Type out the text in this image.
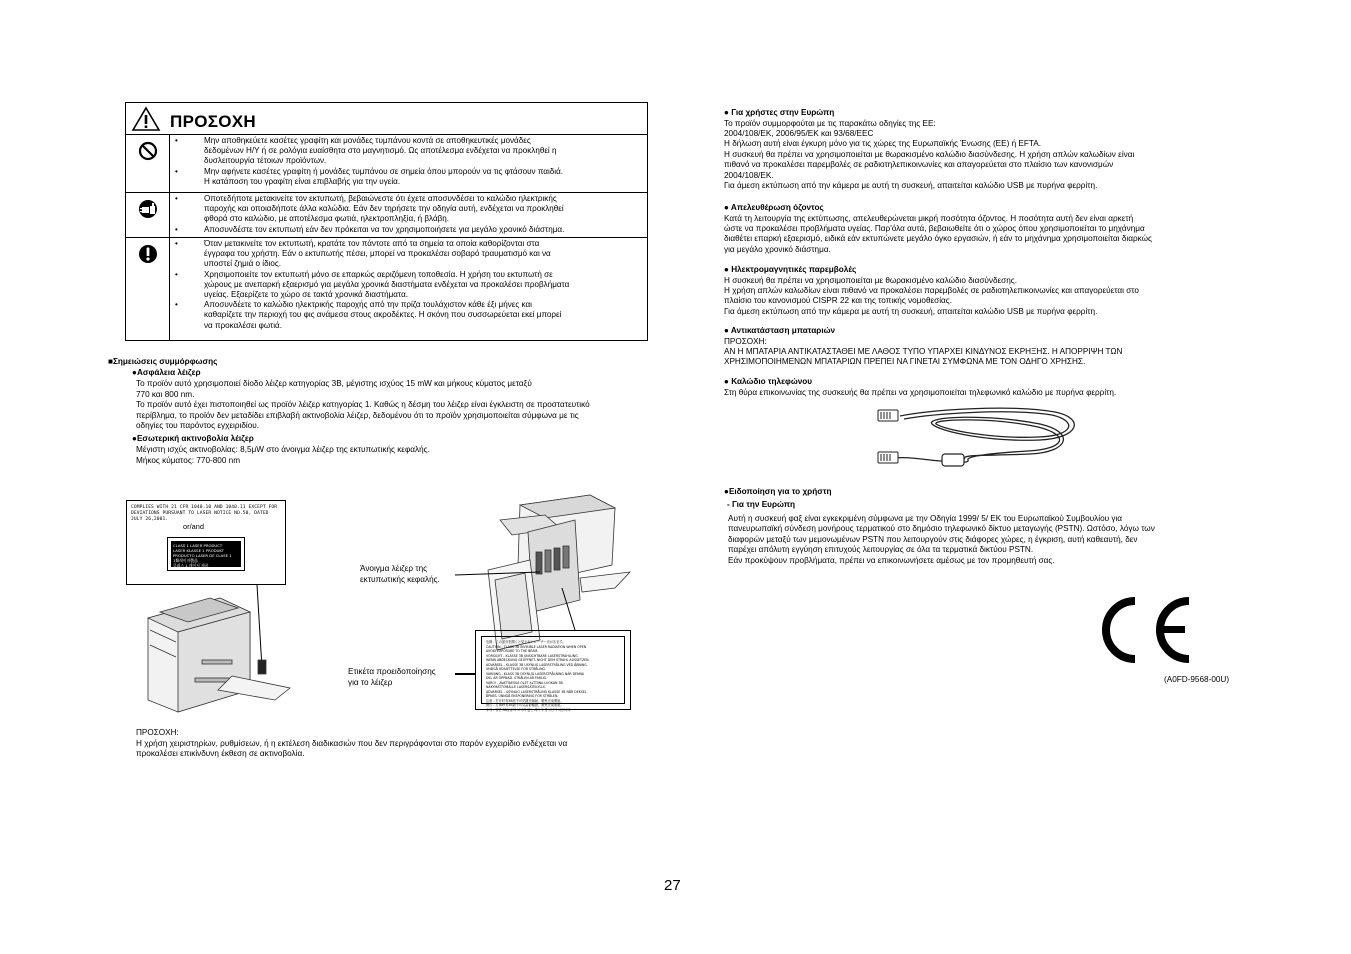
ΠΡΟΣΟΧΗ
• Μην αποθηκεύετε κασέτες γραφίτη και μονάδες τυμπάνου κοντά σε αποθηκευτικές μονάδες
δεδομένων Η/Υ ή σε ρολόγια ευαίσθητα στο μαγνητισμό. Ως αποτέλεσμα ενδέχεται να προκληθεί η
δυσλειτουργία τέτοιων προϊόντων.
• Μην αφήνετε κασέτες γραφίτη ή μονάδες τυμπάνου σε σημεία όπου μπορούν να τις φτάσουν παιδιά.
Η κατάποση του γραφίτη είναι επιβλαβής για την υγεία.
• Οποτεδήποτε μετακινείτε τον εκτυπωτή, βεβαιώνεστε ότι έχετε αποσυνδέσει το καλώδιο ηλεκτρικής
παροχής και οποιαδήποτε άλλα καλώδια. Εάν δεν τηρήσετε την οδηγία αυτή, ενδέχεται να προκληθεί
φθορά στο καλώδιο, με αποτέλεσμα φωτιά, ηλεκτροπληξία, ή βλάβη.
• Αποσυνδέστε τον εκτυπωτή εάν δεν πρόκειται να τον χρησιμοποιήσετε για μεγάλο χρονικό διάστημα.
• Όταν μετακινείτε τον εκτυπωτή, κρατάτε τον πάντοτε από τα σημεία τα οποία καθορίζονται στα
έγγραφα του χρήστη. Εάν ο εκτυπωτής πέσει, μπορεί να προκαλέσει σοβαρό τραυματισμό και να
υποστεί ζημιά ο ίδιος.
• Χρησιμοποιείτε τον εκτυπωτή μόνο σε επαρκώς αεριζόμενη τοποθεσία. Η χρήση του εκτυπωτή σε
χώρους με ανεπαρκή εξαερισμό για μεγάλα χρονικά διαστήματα ενδέχεται να προκαλέσει προβλήματα
υγείας. Εξαερίζετε το χώρο σε τακτά χρονικά διαστήματα.
• Αποσυνδέετε το καλώδιο ηλεκτρικής παροχής από την πρίζα τουλάχιστον κάθε έξι μήνες και
καθαρίζετε την περιοχή του φις ανάμεσα στους ακροδέκτες. Η σκόνη που συσσωρεύεται εκεί μπορεί
να προκαλέσει φωτιά.
■Σημειώσεις συμμόρφωσης
●Ασφάλεια λέιζερ
Το προϊόν αυτό χρησιμοποιεί δίοδο λέιζερ κατηγορίας 3B, μέγιστης ισχύος 15 mW και μήκους κύματος μεταξύ
770 και 800 nm.
Το προϊόν αυτό έχει πιστοποιηθεί ως προϊόν λέιζερ κατηγορίας 1. Καθώς η δέσμη του λέιζερ είναι έγκλειστη σε προστατευτικό
περίβλημα, το προϊόν δεν μεταδίδει επιβλαβή ακτινοβολία λέιζερ, δεδομένου ότι το προϊόν χρησιμοποιείται σύμφωνα με τις
οδηγίες του παρόντος εγχειριδίου.
●Εσωτερική ακτινοβολία λέιζερ
Μέγιστη ισχύς ακτινοβολίας: 8,5μW στο άνοιγμα λέιζερ της εκτυπωτικής κεφαλής.
Μήκος κύματος: 770-800 nm
COMPLIES WITH 21 CFR 1040.10 AND 1040.11 EXCEPT FOR
DEVIATIONS PURSUANT TO LASER NOTICE NO.50, DATED JULY 26,2001.
or/and
CLASS 1 LASER PRODUCT
LASER KLASSE 1 PRODUKT
PRODUCTO LASER DE CLASE 1
1類레이저製品
클래스 1 레이저 제품	Άνοιγμα λέιζερ της
εκτυπωτικής κεφαλής.
Ετικέτα προειδοποίησης
για το λέιζερ
危険 - この部分を開くと見えないレーザー光が出ます。
CAUTION - CLASS 3B INVISIBLE LASER RADIATION WHEN OPEN
AVOID EXPOSURE TO THE BEAM.
VORSICHT - KLASSE 3B UNSICHTBARE LASERSTRAHLUNG
WENN ABDECKUNG GEÖFFNET. NICHT DEM STRAHL AUSSETZEN.
ADVARSEL - KLASSE 3B USYNLIG LASERSTRÅLING VED ÅBNING.
UNDGÅ UDSÆTTELSE FOR STRÅLING.
VARNING - KLASS 3B OSYNLIG LASERSTRÅLNING NÄR DENNA
DEL ÄR ÖPPNAD. STRÅLEN ÄR FARLIG.
VARO! - AVATTAESSA OLET ALTTIINA LUOKAN 3B
NÄKYMÄTTÖMÄLLE LASERSÄTEILYLLE.
ADVARSEL - USYNLIG LASERSTRÅLING KLASSE 3B NÅR DEKSEL
ÅPNES. UNNGÅ EKSPONERING FOR STRÅLEN.
注意 - 打开时有3B类不可见激光辐射，避免光束照射。
警告 - 打開時有3B類不可見雷射輻射，避免光束照射。
주의 - 열면 3B등급의 보이지 않는 레이저 방사선이 나옵니다.
ΠΡΟΣΟΧΗ:
Η χρήση χειριστηρίων, ρυθμίσεων, ή η εκτέλεση διαδικασιών που δεν περιγράφονται στο παρόν εγχειρίδιο ενδέχεται να
προκαλέσει επικίνδυνη έκθεση σε ακτινοβολία.
● Για χρήστες στην Ευρώπη
Το προϊόν συμμορφούται με τις παρακάτω οδηγίες της ΕΕ:
2004/108/ΕΚ, 2006/95/ΕΚ και 93/68/EEC
Η δήλωση αυτή είναι έγκυρη μόνο για τις χώρες της Ευρωπαϊκής Ένωσης (ΕΕ) ή EFTA.
Η συσκευή θα πρέπει να χρησιμοποιείται με θωρακισμένο καλώδιο διασύνδεσης. Η χρήση απλών καλωδίων είναι
πιθανό να προκαλέσει παρεμβολές σε ραδιοτηλεπικοινωνίες και απαγορεύεται στο πλαίσιο των κανονισμών
2004/108/ΕΚ.
Για άμεση εκτύπωση από την κάμερα με αυτή τη συσκευή, απαιτείται καλώδιο USB με πυρήνα φερρίτη.
● Απελευθέρωση όζοντος
Κατά τη λειτουργία της εκτύπωσης, απελευθερώνεται μικρή ποσότητα όζοντος. Η ποσότητα αυτή δεν είναι αρκετή
ώστε να προκαλέσει προβλήματα υγείας. Παρ'όλα αυτά, βεβαιωθείτε ότι ο χώρος όπου χρησιμοποιείται το μηχάνημα
διαθέτει επαρκή εξαερισμό, ειδικά εάν εκτυπώνετε μεγάλο όγκο εργασιών, ή εάν το μηχάνημα χρησιμοποιείται διαρκώς
για μεγάλο χρονικό διάστημα.
● Ηλεκτρομαγνητικές παρεμβολές
Η συσκευή θα πρέπει να χρησιμοποιείται με θωρακισμένο καλώδιο διασύνδεσης.
Η χρήση απλών καλωδίων είναι πιθανό να προκαλέσει παρεμβολές σε ραδιοτηλεπικοινωνίες και απαγορεύεται στο
πλαίσιο του κανονισμού CISPR 22 και της τοπικής νομοθεσίας.
Για άμεση εκτύπωση από την κάμερα με αυτή τη συσκευή, απαιτείται καλώδιο USB με πυρήνα φερρίτη.
● Αντικατάσταση μπαταριών
ΠΡΟΣΟΧΗ:
ΑΝ Η ΜΠΑΤΑΡΙΑ ΑΝΤΙΚΑΤΑΣΤΑΘΕΙ ΜΕ ΛΑΘΟΣ ΤΥΠΟ ΥΠΑΡΧΕΙ ΚΙΝΔΥΝΟΣ ΕΚΡΗΞΗΣ. Η ΑΠΟΡΡΙΨΗ ΤΩΝ
ΧΡΗΣΙΜΟΠΟΙΗΜΕΝΩΝ ΜΠΑΤΑΡΙΩΝ ΠΡΕΠΕΙ ΝΑ ΓΙΝΕΤΑΙ ΣΥΜΦΩΝΑ ΜΕ ΤΟΝ ΟΔΗΓΟ ΧΡΗΣΗΣ.
● Καλώδιο τηλεφώνου
Στη θύρα επικοινωνίας της συσκευής θα πρέπει να χρησιμοποιείται τηλεφωνικό καλώδιο με πυρήνα φερρίτη.
●Ειδοποίηση για το χρήστη
- Για την Ευρώπη
Αυτή η συσκευή φαξ είναι εγκεκριμένη σύμφωνα με την Οδηγία 1999/ 5/ ΕΚ του Ευρωπαϊκού Συμβουλίου για
πανευρωπαϊκή σύνδεση μονήρους τερματικού στο δημόσιο τηλεφωνικό δίκτυο μεταγωγής (PSTN). Ωστόσο, λόγω των
διαφορών μεταξύ των μεμονωμένων PSTN που λειτουργούν στις διάφορες χώρες, η έγκριση, αυτή καθεαυτή, δεν
παρέχει απόλυτη εγγύηση επιτυχούς λειτουργίας σε όλα τα τερματικά δικτύου PSTN.
Εάν προκύψουν προβλήματα, πρέπει να επικοινωνήσετε αμέσως με τον προμηθευτή σας.
(A0FD-9568-00U)
27
